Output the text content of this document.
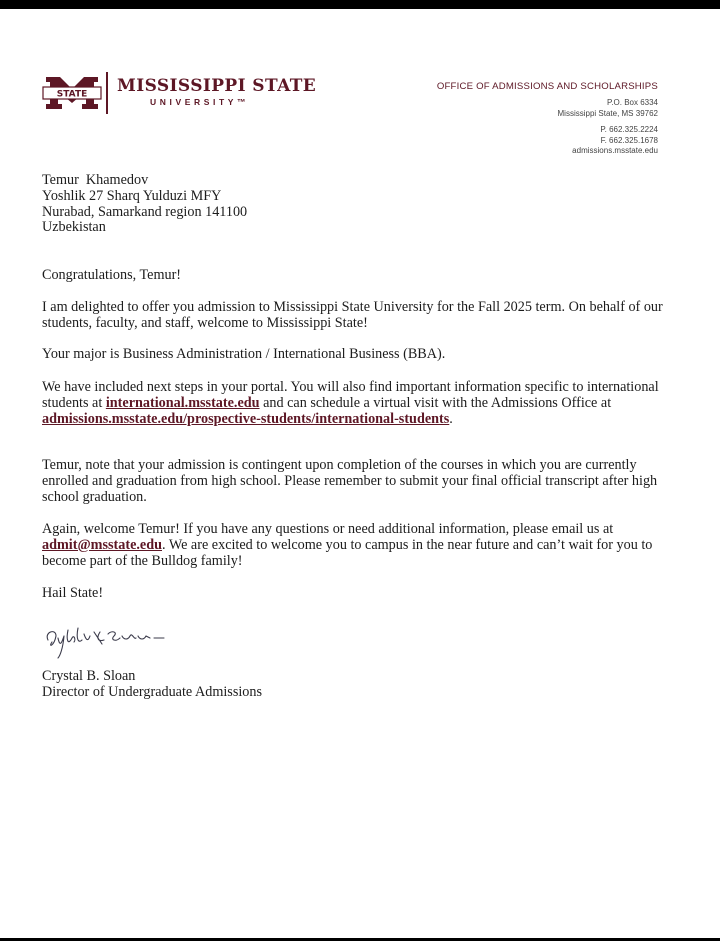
STATE MISSISSIPPI STATE
UNIVERSITY™
OFFICE OF ADMISSIONS AND SCHOLARSHIPS
P.O. Box 6334
Mississippi State, MS 39762
P. 662.325.2224
F. 662.325.1678
admissions.msstate.edu
Temur  Khamedov
Yoshlik 27 Sharq Yulduzi MFY
Nurabad, Samarkand region 141100
Uzbekistan

Congratulations, Temur!

I am delighted to offer you admission to Mississippi State University for the Fall 2025 term. On behalf of our students, faculty, and staff, welcome to Mississippi State!

Your major is Business Administration / International Business (BBA).

We have included next steps in your portal. You will also find important information specific to international students at international.msstate.edu and can schedule a virtual visit with the Admissions Office at admissions.msstate.edu/prospective-students/international-students.

Temur, note that your admission is contingent upon completion of the courses in which you are currently enrolled and graduation from high school. Please remember to submit your final official transcript after high school graduation.

Again, welcome Temur! If you have any questions or need additional information, please email us at admit@msstate.edu. We are excited to welcome you to campus in the near future and can’t wait for you to become part of the Bulldog family!

Hail State!

Crystal B. Sloan
Director of Undergraduate Admissions
